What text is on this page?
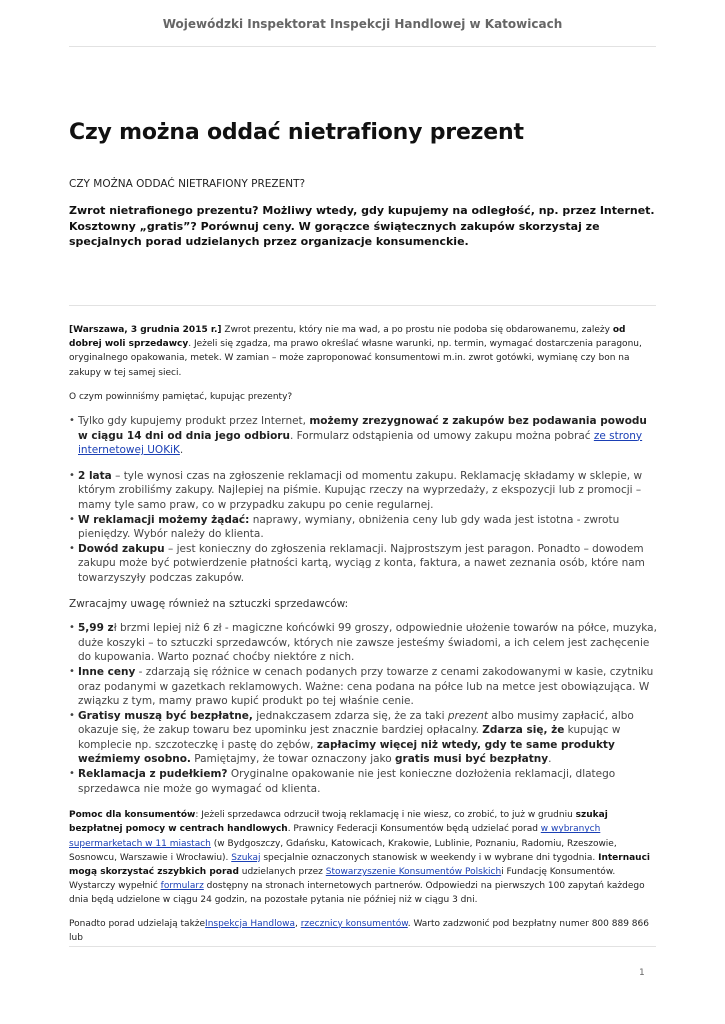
Wojewódzki Inspektorat Inspekcji Handlowej w Katowicach
Czy można oddać nietrafiony prezent
CZY MOŻNA ODDAĆ NIETRAFIONY PREZENT?

Zwrot nietrafionego prezentu? Możliwy wtedy, gdy kupujemy na odległość, np. przez Internet. Kosztowny „gratis”? Porównuj ceny. W gorączce świątecznych zakupów skorzystaj ze specjalnych porad udzielanych przez organizacje konsumenckie.

[Warszawa, 3 grudnia 2015 r.] Zwrot prezentu, który nie ma wad, a po prostu nie podoba się obdarowanemu, zależy od dobrej woli sprzedawcy. Jeżeli się zgadza, ma prawo określać własne warunki, np. termin, wymagać dostarczenia paragonu, oryginalnego opakowania, metek. W zamian – może zaproponować konsumentowi m.in. zwrot gotówki, wymianę czy bon na zakupy w tej samej sieci.

O czym powinniśmy pamiętać, kupując prezenty?

• Tylko gdy kupujemy produkt przez Internet, możemy zrezygnować z zakupów bez podawania powodu w ciągu 14 dni od dnia jego odbioru. Formularz odstąpienia od umowy zakupu można pobrać ze strony internetowej UOKiK.
• 2 lata – tyle wynosi czas na zgłoszenie reklamacji od momentu zakupu. Reklamację składamy w sklepie, w którym zrobiliśmy zakupy. Najlepiej na piśmie. Kupując rzeczy na wyprzedaży, z ekspozycji lub z promocji – mamy tyle samo praw, co w przypadku zakupu po cenie regularnej.
• W reklamacji możemy żądać: naprawy, wymiany, obniżenia ceny lub gdy wada jest istotna - zwrotu pieniędzy. Wybór należy do klienta.
• Dowód zakupu – jest konieczny do zgłoszenia reklamacji. Najprostszym jest paragon. Ponadto – dowodem zakupu może być potwierdzenie płatności kartą, wyciąg z konta, faktura, a nawet zeznania osób, które nam towarzyszyły podczas zakupów.

Zwracajmy uwagę również na sztuczki sprzedawców:

• 5,99 zł brzmi lepiej niż 6 zł - magiczne końcówki 99 groszy, odpowiednie ułożenie towarów na półce, muzyka, duże koszyki – to sztuczki sprzedawców, których nie zawsze jesteśmy świadomi, a ich celem jest zachęcenie do kupowania. Warto poznać choćby niektóre z nich.
• Inne ceny - zdarzają się różnice w cenach podanych przy towarze z cenami zakodowanymi w kasie, czytniku oraz podanymi w gazetkach reklamowych. Ważne: cena podana na półce lub na metce jest obowiązująca. W związku z tym, mamy prawo kupić produkt po tej właśnie cenie.
• Gratisy muszą być bezpłatne, jednakczasem zdarza się, że za taki prezent albo musimy zapłacić, albo okazuje się, że zakup towaru bez upominku jest znacznie bardziej opłacalny. Zdarza się, że kupując w komplecie np. szczoteczkę i pastę do zębów, zapłacimy więcej niż wtedy, gdy te same produkty weźmiemy osobno. Pamiętajmy, że towar oznaczony jako gratis musi być bezpłatny.
• Reklamacja z pudełkiem? Oryginalne opakowanie nie jest konieczne dozłożenia reklamacji, dlatego sprzedawca nie może go wymagać od klienta.

Pomoc dla konsumentów: Jeżeli sprzedawca odrzucił twoją reklamację i nie wiesz, co zrobić, to już w grudniu szukaj bezpłatnej pomocy w centrach handlowych. Prawnicy Federacji Konsumentów będą udzielać porad w wybranych supermarketach w 11 miastach (w Bydgoszczy, Gdańsku, Katowicach, Krakowie, Lublinie, Poznaniu, Radomiu, Rzeszowie, Sosnowcu, Warszawie i Wrocławiu). Szukaj specjalnie oznaczonych stanowisk w weekendy i w wybrane dni tygodnia. Internauci mogą skorzystać zszybkich porad udzielanych przez Stowarzyszenie Konsumentów Polskichi Fundację Konsumentów. Wystarczy wypełnić formularz dostępny na stronach internetowych partnerów. Odpowiedzi na pierwszych 100 zapytań każdego dnia będą udzielone w ciągu 24 godzin, na pozostałe pytania nie później niż w ciągu 3 dni.

Ponadto porad udzielają takżeInspekcja Handlowa, rzecznicy konsumentów. Warto zadzwonić pod bezpłatny numer 800 889 866 lub

1
